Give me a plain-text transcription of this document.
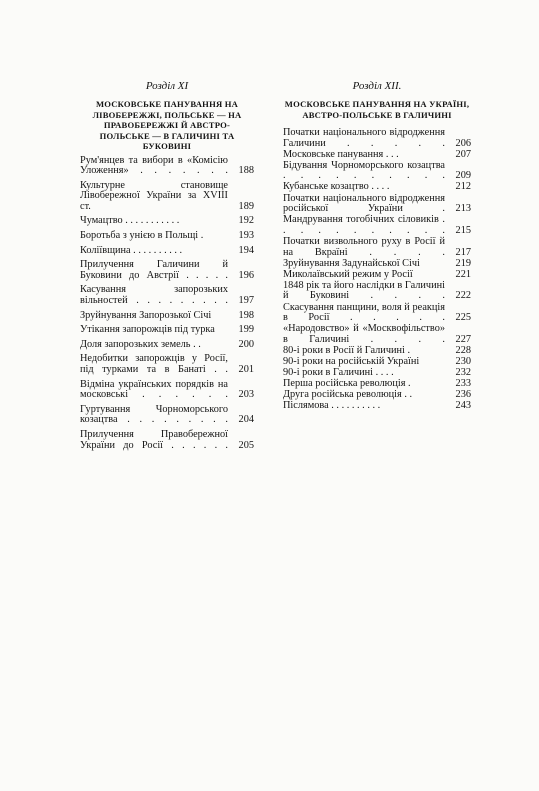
Розділ XI
МОСКОВСЬКЕ ПАНУВАННЯ НА ЛІВОБЕРЕЖЖІ, ПОЛЬСЬКЕ — НА ПРАВОБЕРЕЖЖІ Й АВСТРО-ПОЛЬСЬКЕ — В ГАЛИЧИНІ ТА БУКОВИНІ
Рум'янцев та вибори в «Комісію Уложення» . . . . . . .	188
Культурне становище Лівобережної України за XVIII ст.	189
Чумацтво . . . . . . . . . . .	192
Боротьба з унією в Польщі .	193
Коліївщина . . . . . . . . . .	194
Прилучення Галичини й Буковини до Австрії . . . . .	196
Касування запорозьких вільностей . . . . . . . . .	197
Зруйнування Запорозької Січі	198
Утікання запорожців під турка	199
Доля запорозьких земель . .	200
Недобитки запорожців у Росії, під турками та в Банаті . .	201
Відміна українських порядків на московські . . . . . .	203
Гуртування Чорноморського козацтва . . . . . . . . .	204
Прилучення Правобережної України до Росії . . . . . .	205
Розділ XII.
МОСКОВСЬКЕ ПАНУВАННЯ НА УКРАЇНІ, АВСТРО-ПОЛЬСЬКЕ В ГАЛИЧИНІ
Початки національного відродження Галичини . . . . .	206
Московське панування . . .	207
Бідування Чорноморського козацтва . . . . . . . . . .	209
Кубанське козацтво . . . .	212
Початки національного відродження російської України .	213
Мандрування тогобічних сіловиків . . . . . . . . . . .	215
Початки визвольного руху в Росії й на Вкраїні . . . .	217
Зруйнування Задунайської Січі	219
Миколаївський режим у Росії	221
1848 рік та його наслідки в Галичині й Буковині . . . .	222
Скасування панщини, воля й реакція в Росії . . . . .	225
«Народовство» й «Москвофільство» в Галичині . . . .	227
80-і роки в Росії й Галичині .	228
90-і роки на російській Україні	230
90-і роки в Галичині . . . .	232
Перша російська революція .	233
Друга російська революція . .	236
Післямова . . . . . . . . . .	243
